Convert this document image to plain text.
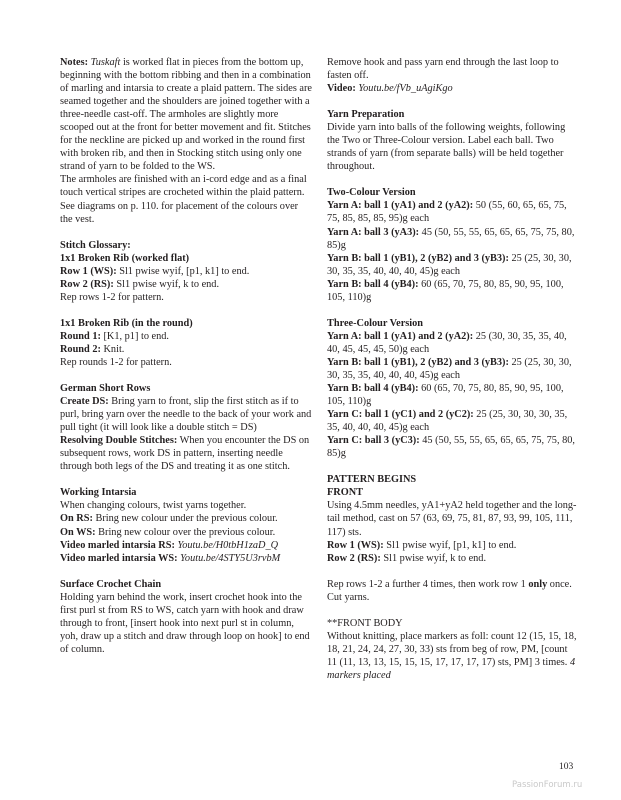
Notes: Tuskaft is worked flat in pieces from the bottom up, beginning with the bottom ribbing and then in a combination of marling and intarsia to create a plaid pattern. The sides are seamed together and the shoulders are joined together with a three-needle cast-off. The armholes are slightly more scooped out at the front for better movement and fit. Stitches for the neckline are picked up and worked in the round first with broken rib, and then in Stocking stitch using only one strand of yarn to be folded to the WS.

The armholes are finished with an i-cord edge and as a final touch vertical stripes are crocheted within the plaid pattern. See diagrams on p. 110. for placement of the colours over the vest.

Stitch Glossary:

1x1 Broken Rib (worked flat)

Row 1 (WS): Sl1 pwise wyif, [p1, k1] to end.

Row 2 (RS): Sl1 pwise wyif, k to end.

Rep rows 1-2 for pattern.

1x1 Broken Rib (in the round)

Round 1: [K1, p1] to end.

Round 2: Knit.

Rep rounds 1-2 for pattern.

German Short Rows

Create DS: Bring yarn to front, slip the first stitch as if to purl, bring yarn over the needle to the back of your work and pull tight (it will look like a double stitch = DS)

Resolving Double Stitches: When you encounter the DS on subsequent rows, work DS in pattern, inserting needle through both legs of the DS and treating it as one stitch.

Working Intarsia

When changing colours, twist yarns together.

On RS: Bring new colour under the previous colour.

On WS: Bring new colour over the previous colour.

Video marled intarsia RS: Youtu.be/H0tbH1zaD_Q

Video marled intarsia WS: Youtu.be/4STY5U3rvbM

Surface Crochet Chain

Holding yarn behind the work, insert crochet hook into the first purl st from RS to WS, catch yarn with hook and draw through to front, [insert hook into next purl st in column, yoh, draw up a stitch and draw through loop on hook] to end of column.

Remove hook and pass yarn end through the last loop to fasten off.

Video: Youtu.be/fVb_uAgiKgo

Yarn Preparation

Divide yarn into balls of the following weights, following the Two or Three-Colour version. Label each ball. Two strands of yarn (from separate balls) will be held together throughout.

Two-Colour Version

Yarn A: ball 1 (yA1) and 2 (yA2): 50 (55, 60, 65, 65, 75, 75, 85, 85, 85, 95)g each

Yarn A: ball 3 (yA3): 45 (50, 55, 55, 65, 65, 65, 75, 75, 80, 85)g

Yarn B: ball 1 (yB1), 2 (yB2) and 3 (yB3): 25 (25, 30, 30, 30, 35, 35, 40, 40, 40, 45)g each

Yarn B: ball 4 (yB4): 60 (65, 70, 75, 80, 85, 90, 95, 100, 105, 110)g

Three-Colour Version

Yarn A: ball 1 (yA1) and 2 (yA2): 25 (30, 30, 35, 35, 40, 40, 45, 45, 45, 50)g each

Yarn B: ball 1 (yB1), 2 (yB2) and 3 (yB3): 25 (25, 30, 30, 30, 35, 35, 40, 40, 40, 45)g each

Yarn B: ball 4 (yB4): 60 (65, 70, 75, 80, 85, 90, 95, 100, 105, 110)g

Yarn C: ball 1 (yC1) and 2 (yC2): 25 (25, 30, 30, 30, 35, 35, 40, 40, 40, 45)g each

Yarn C: ball 3 (yC3): 45 (50, 55, 55, 65, 65, 65, 75, 75, 80, 85)g

PATTERN BEGINS

FRONT

Using 4.5mm needles, yA1+yA2 held together and the long-tail method, cast on 57 (63, 69, 75, 81, 87, 93, 99, 105, 111, 117) sts.

Row 1 (WS): Sl1 pwise wyif, [p1, k1] to end.

Row 2 (RS): Sl1 pwise wyif, k to end.

Rep rows 1-2 a further 4 times, then work row 1 only once. Cut yarns.

**FRONT BODY

Without knitting, place markers as foll: count 12 (15, 15, 18, 18, 21, 24, 24, 27, 30, 33) sts from beg of row, PM, [count 11 (11, 13, 13, 15, 15, 15, 17, 17, 17, 17) sts, PM] 3 times. 4 markers placed

103
PassionForum.ru
